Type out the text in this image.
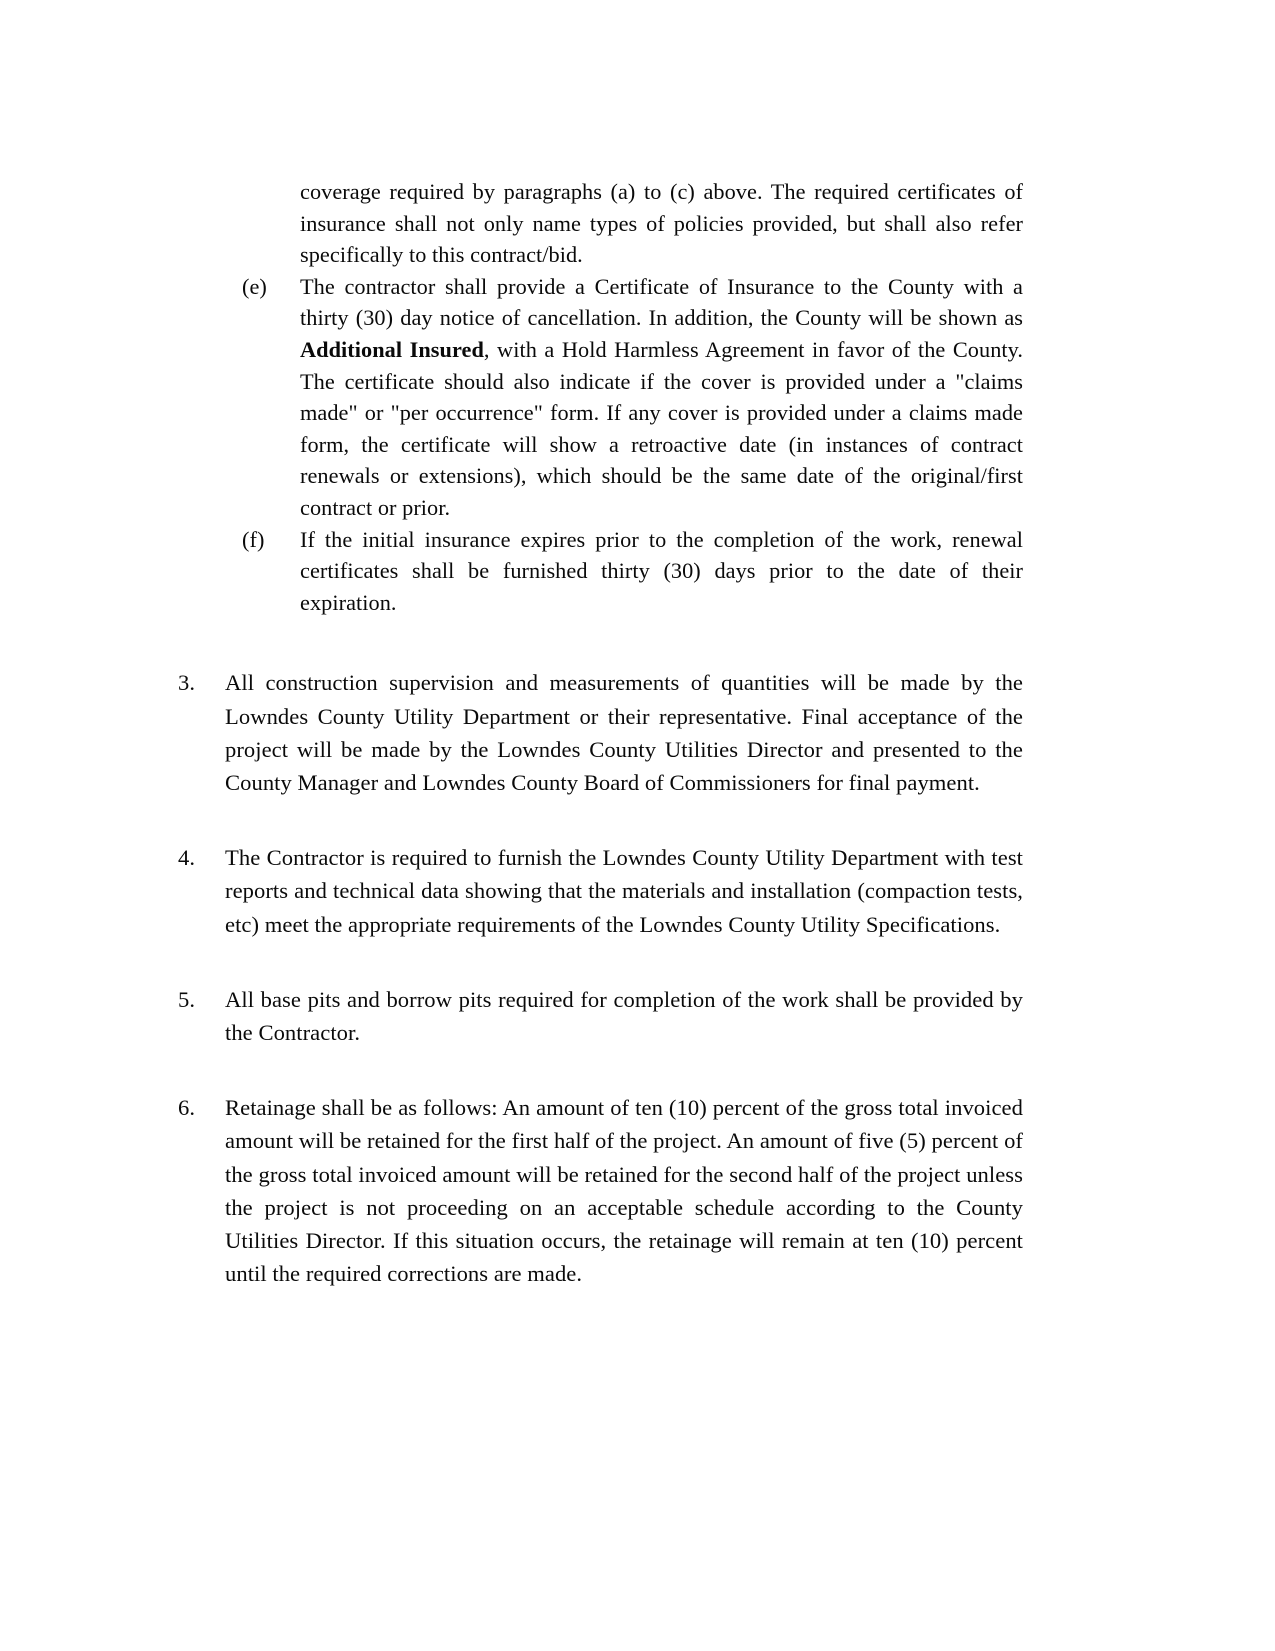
coverage required by paragraphs (a) to (c) above. The required certificates of insurance shall not only name types of policies provided, but shall also refer specifically to this contract/bid.

(e)	The contractor shall provide a Certificate of Insurance to the County with a thirty (30) day notice of cancellation. In addition, the County will be shown as Additional Insured, with a Hold Harmless Agreement in favor of the County. The certificate should also indicate if the cover is provided under a "claims made" or "per occurrence" form. If any cover is provided under a claims made form, the certificate will show a retroactive date (in instances of contract renewals or extensions), which should be the same date of the original/first contract or prior.
(f)	If the initial insurance expires prior to the completion of the work, renewal certificates shall be furnished thirty (30) days prior to the date of their expiration.
3.	All construction supervision and measurements of quantities will be made by the Lowndes County Utility Department or their representative. Final acceptance of the project will be made by the Lowndes County Utilities Director and presented to the County Manager and Lowndes County Board of Commissioners for final payment.
4.	The Contractor is required to furnish the Lowndes County Utility Department with test reports and technical data showing that the materials and installation (compaction tests, etc) meet the appropriate requirements of the Lowndes County Utility Specifications.
5.	All base pits and borrow pits required for completion of the work shall be provided by the Contractor.
6.	Retainage shall be as follows: An amount of ten (10) percent of the gross total invoiced amount will be retained for the first half of the project. An amount of five (5) percent of the gross total invoiced amount will be retained for the second half of the project unless the project is not proceeding on an acceptable schedule according to the County Utilities Director. If this situation occurs, the retainage will remain at ten (10) percent until the required corrections are made.
